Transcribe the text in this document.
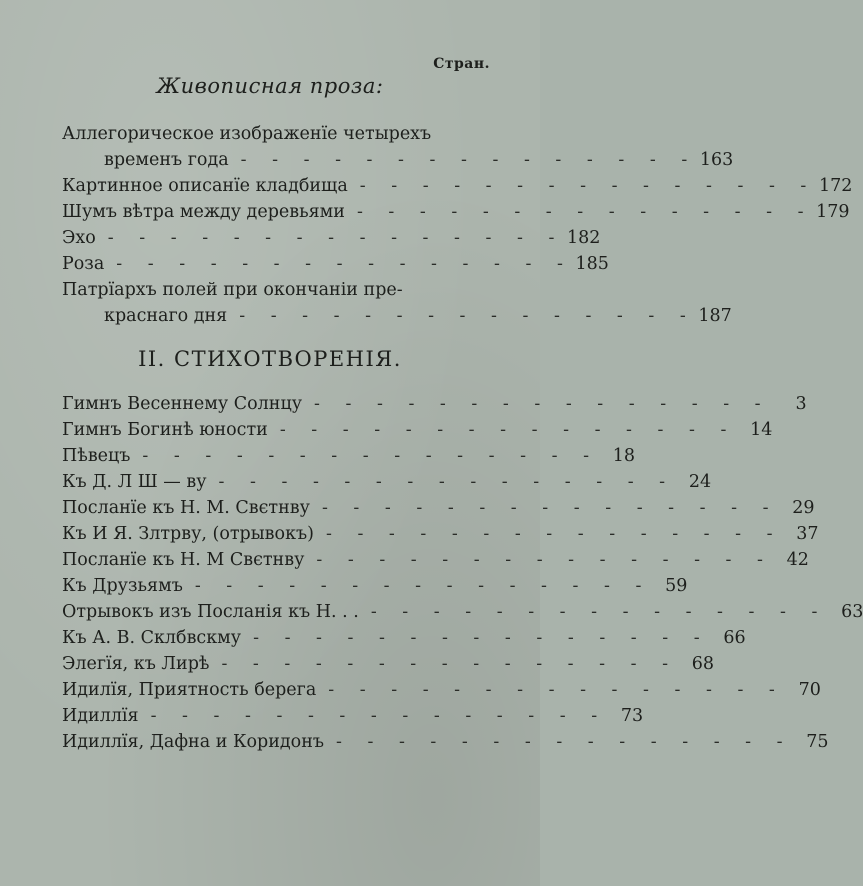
Стран.
Живописная проза:
Аллегорическое изображенїе четырехъ
временъ года - - - - - - - - - - - - - - - 163
Картинное описанїе кладбища - - - - - - - - - - - - - - - 172
Шумъ вѣтра между деревьями - - - - - - - - - - - - - - - 179
Эхо - - - - - - - - - - - - - - - 182
Роза - - - - - - - - - - - - - - - 185
Патрїархъ полей при окончанiи пре-
краснаго дня - - - - - - - - - - - - - - - 187
II. СТИХОТВОРЕНІЯ.
Гимнъ Весеннему Солнцу - - - - - - - - - - - - - - -	3
Гимнъ Богинѣ юности - - - - - - - - - - - - - - - 14
Пѣвецъ - - - - - - - - - - - - - - - 18
Къ Д. Л Ш — ву - - - - - - - - - - - - - - - 24
Посланїе къ Н. М. Свєтнву - - - - - - - - - - - - - - - 29
Къ И Я. Злтрву, (отрывокъ) - - - - - - - - - - - - - - - 37
Посланїе къ Н. М Свєтнву - - - - - - - - - - - - - - - 42
Къ Друзьямъ - - - - - - - - - - - - - - - 59
Отрывокъ изъ Посланiя къ Н. . . - - - - - - - - - - - - - - - 63
Къ А. В. Склбвскму - - - - - - - - - - - - - - - 66
Элегїя, къ Лирѣ - - - - - - - - - - - - - - - 68
Идилїя, Приятность берега - - - - - - - - - - - - - - - 70
Идиллїя - - - - - - - - - - - - - - - 73
Идиллїя, Дафна и Коридонъ - - - - - - - - - - - - - - - 75
